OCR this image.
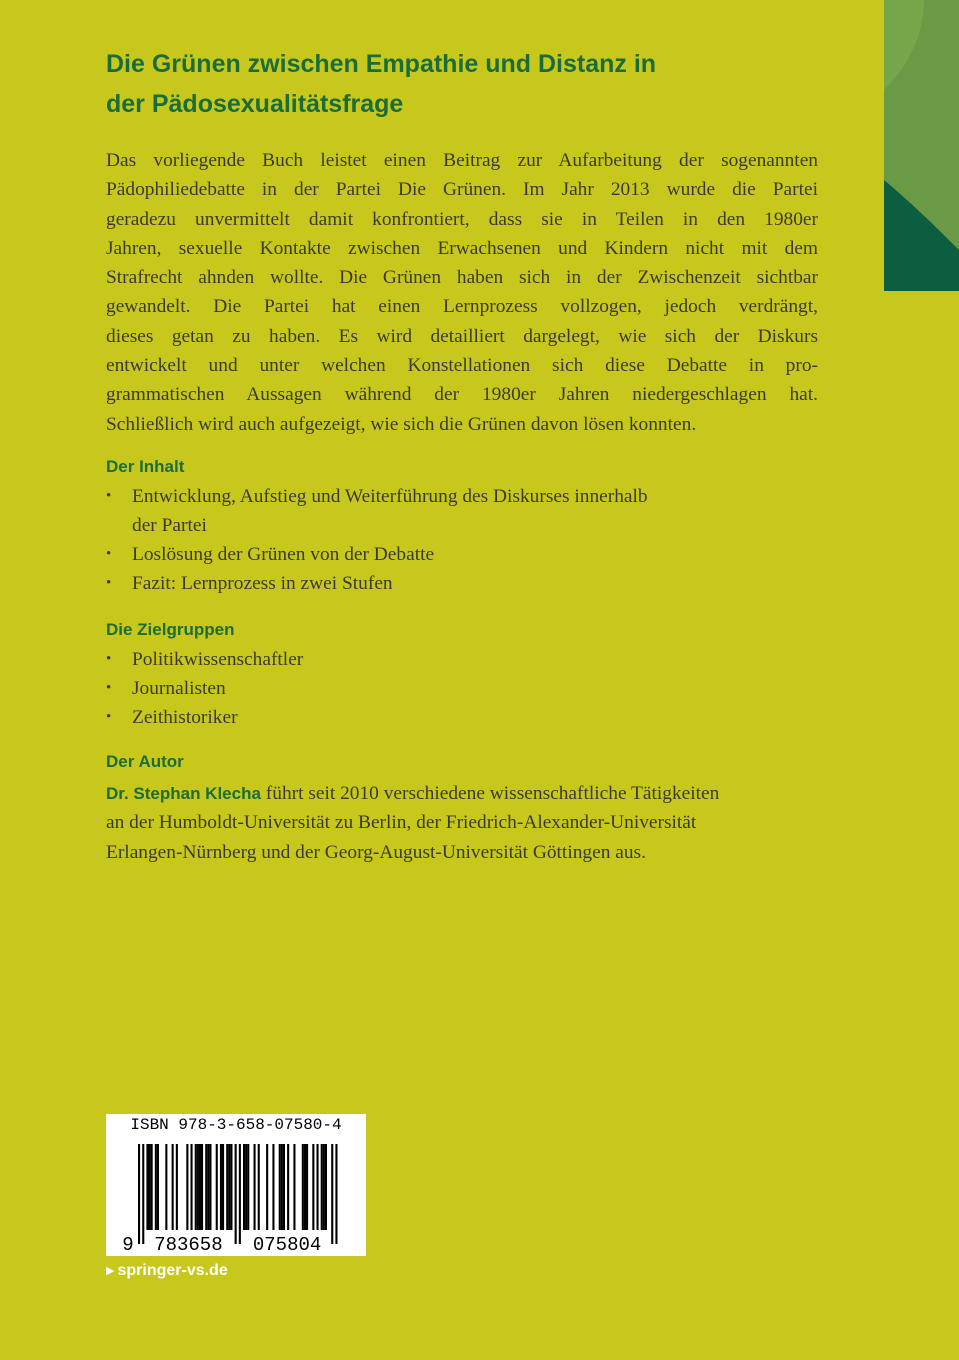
Die Grünen zwischen Empathie und Distanz in
der Pädosexualitätsfrage

Das vorliegende Buch leistet einen Beitrag zur Aufarbeitung der sogenannten
Pädophiliedebatte in der Partei Die Grünen. Im Jahr 2013 wurde die Partei
geradezu unvermittelt damit konfrontiert, dass sie in Teilen in den 1980er
Jahren, sexuelle Kontakte zwischen Erwachsenen und Kindern nicht mit dem
Strafrecht ahnden wollte. Die Grünen haben sich in der Zwischenzeit sichtbar
gewandelt. Die Partei hat einen Lernprozess vollzogen, jedoch verdrängt,
dieses getan zu haben. Es wird detailliert dargelegt, wie sich der Diskurs
entwickelt und unter welchen Konstellationen sich diese Debatte in pro-
grammatischen Aussagen während der 1980er Jahren niedergeschlagen hat.
Schließlich wird auch aufgezeigt, wie sich die Grünen davon lösen konnten.

Der Inhalt
• Entwicklung, Aufstieg und Weiterführung des Diskurses innerhalb
der Partei
• Loslösung der Grünen von der Debatte
• Fazit: Lernprozess in zwei Stufen
Die Zielgruppen
• Politikwissenschaftler
• Journalisten
• Zeithistoriker
Der Autor

Dr. Stephan Klecha führt seit 2010 verschiedene wissenschaftliche Tätigkeiten
an der Humboldt-Universität zu Berlin, der Friedrich-Alexander-Universität
Erlangen-Nürnberg und der Georg-August-Universität Göttingen aus.

ISBN 978-3-658-07580-4
9 783658 075804
▶ springer-vs.de
